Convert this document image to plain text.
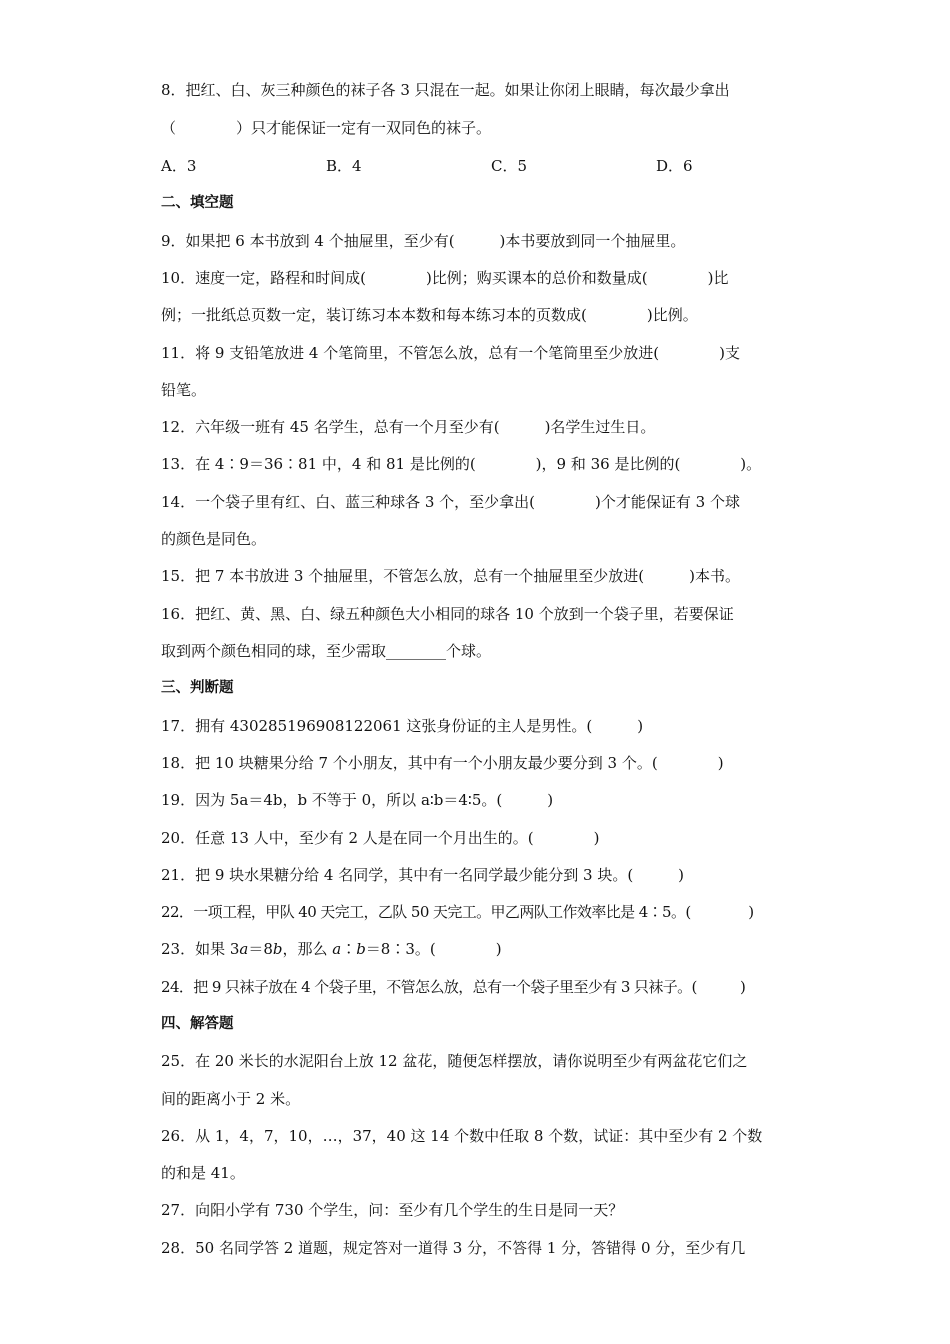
8．把红、白、灰三种颜色的袜子各 3 只混在一起。如果让你闭上眼睛，每次最少拿出
（　　　　）只才能保证一定有一双同色的袜子。
A．3	B．4	C．5	D．6
二、填空题
9．如果把 6 本书放到 4 个抽屉里，至少有(　　　)本书要放到同一个抽屉里。
10．速度一定，路程和时间成(　　　　)比例；购买课本的总价和数量成(　　　　)比
例；一批纸总页数一定，装订练习本本数和每本练习本的页数成(　　　　)比例。
11．将 9 支铅笔放进 4 个笔筒里，不管怎么放，总有一个笔筒里至少放进(　　　　)支
铅笔。
12．六年级一班有 45 名学生，总有一个月至少有(　　　)名学生过生日。
13．在 4∶9＝36∶81 中，4 和 81 是比例的(　　　　)，9 和 36 是比例的(　　　　)。
14．一个袋子里有红、白、蓝三种球各 3 个，至少拿出(　　　　)个才能保证有 3 个球
的颜色是同色。
15．把 7 本书放进 3 个抽屉里，不管怎么放，总有一个抽屉里至少放进(　　　)本书。
16．把红、黄、黑、白、绿五种颜色大小相同的球各 10 个放到一个袋子里，若要保证
取到两个颜色相同的球，至少需取________个球。
三、判断题
17．拥有 430285196908122061 这张身份证的主人是男性。(　　　)
18．把 10 块糖果分给 7 个小朋友，其中有一个小朋友最少要分到 3 个。(　　　　)
19．因为 5a＝4b，b 不等于 0，所以 a∶b＝4∶5。(　　　)
20．任意 13 人中，至少有 2 人是在同一个月出生的。(　　　　)
21．把 9 块水果糖分给 4 名同学，其中有一名同学最少能分到 3 块。(　　　)
22．一项工程，甲队 40 天完工，乙队 50 天完工。甲乙两队工作效率比是 4∶5。(　　　　)
23．如果 3𝑎＝8𝑏，那么 𝑎∶𝑏＝8∶3。(　　　　)
24．把 9 只袜子放在 4 个袋子里，不管怎么放，总有一个袋子里至少有 3 只袜子。(　　　)
四、解答题
25．在 20 米长的水泥阳台上放 12 盆花，随便怎样摆放，请你说明至少有两盆花它们之
间的距离小于 2 米。
26．从 1，4，7，10，…，37，40 这 14 个数中任取 8 个数，试证：其中至少有 2 个数
的和是 41。
27．向阳小学有 730 个学生，问：至少有几个学生的生日是同一天？
28．50 名同学答 2 道题，规定答对一道得 3 分，不答得 1 分，答错得 0 分，至少有几
